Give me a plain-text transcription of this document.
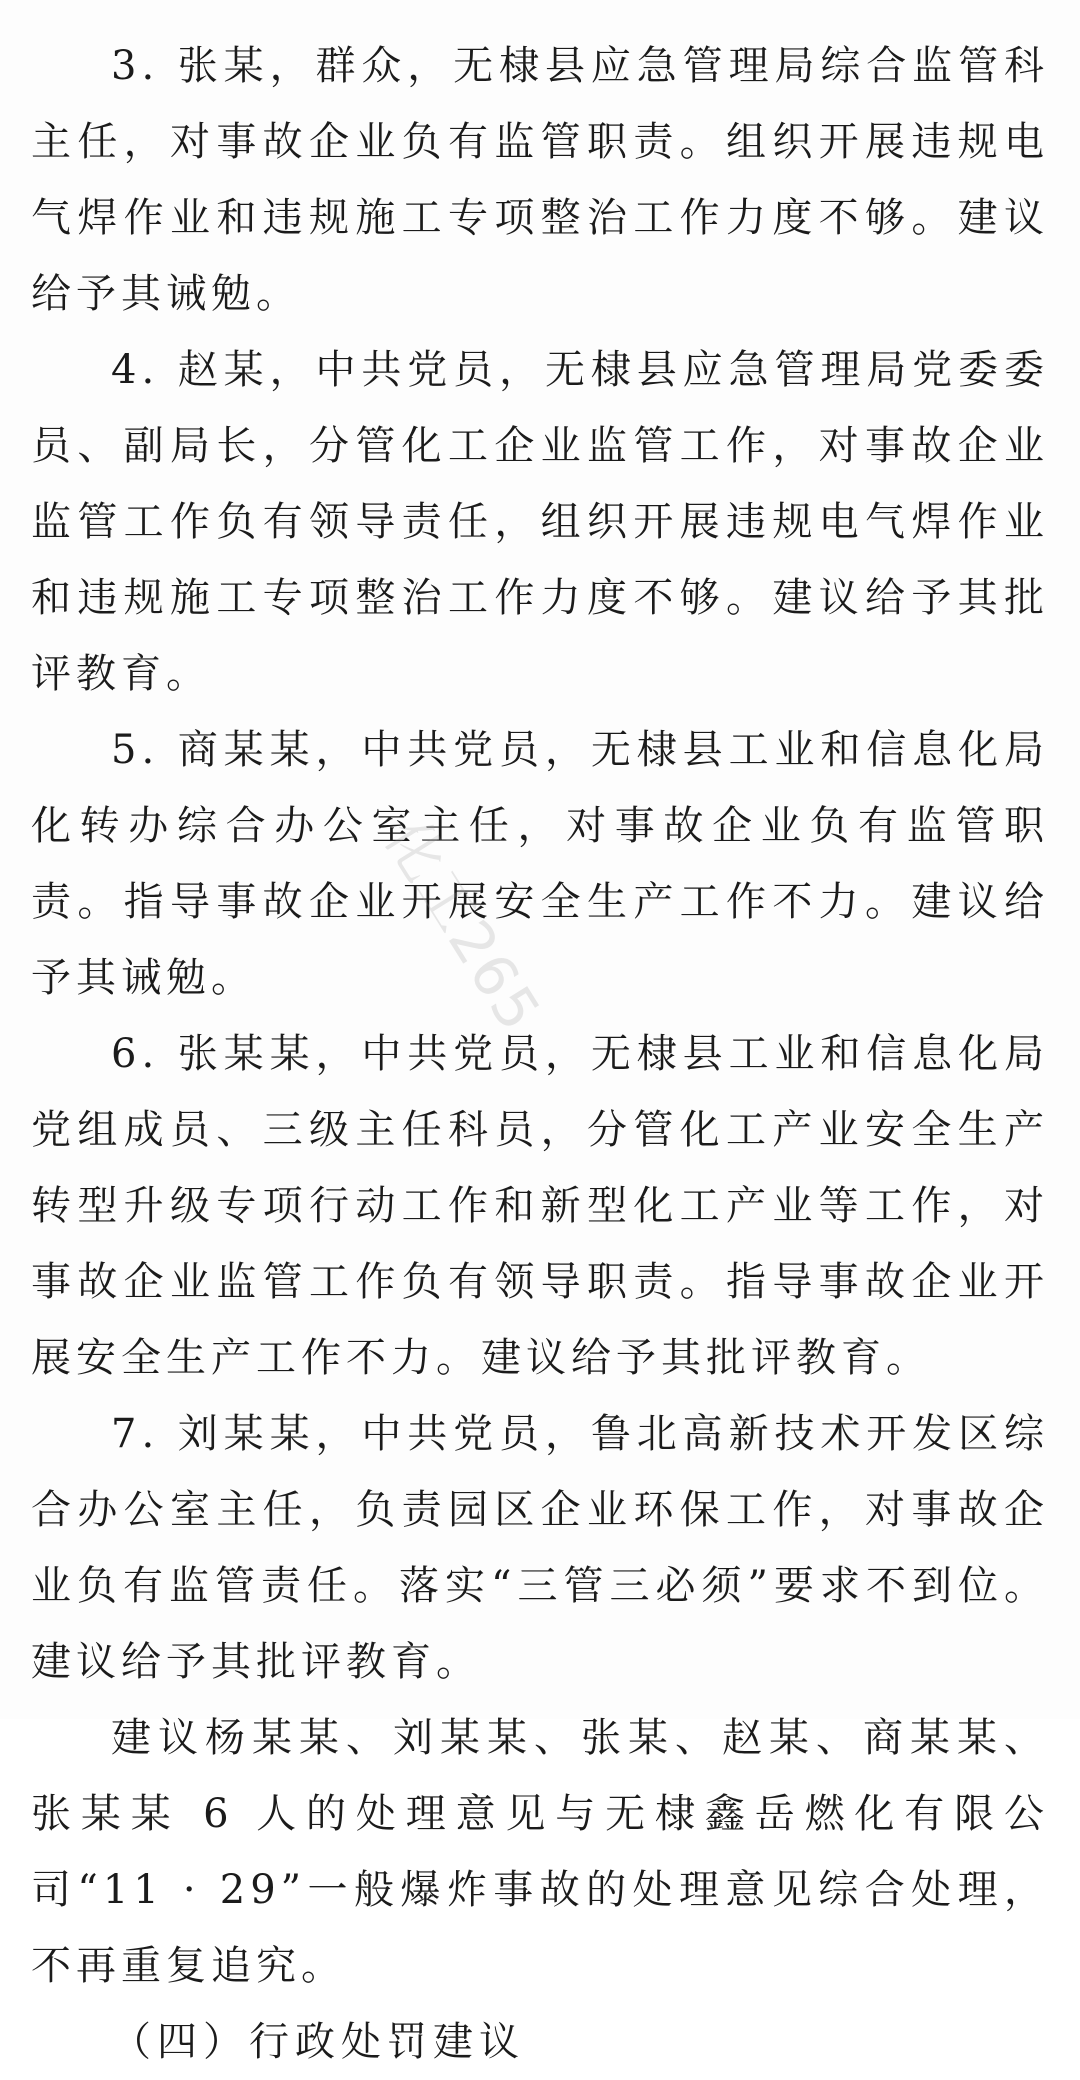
3. 张某，群众，无棣县应急管理局综合监管科主任，对事故企业负有监管职责。组织开展违规电气焊作业和违规施工专项整治工作力度不够。建议给予其诫勉。

4. 赵某，中共党员，无棣县应急管理局党委委员、副局长，分管化工企业监管工作，对事故企业监管工作负有领导责任，组织开展违规电气焊作业和违规施工专项整治工作力度不够。建议给予其批评教育。

5. 商某某，中共党员，无棣县工业和信息化局化转办综合办公室主任，对事故企业负有监管职责。指导事故企业开展安全生产工作不力。建议给予其诫勉。

6. 张某某，中共党员，无棣县工业和信息化局党组成员、三级主任科员，分管化工产业安全生产转型升级专项行动工作和新型化工产业等工作，对事故企业监管工作负有领导职责。指导事故企业开展安全生产工作不力。建议给予其批评教育。

7. 刘某某，中共党员，鲁北高新技术开发区综合办公室主任，负责园区企业环保工作，对事故企业负有监管责任。落实“三管三必须”要求不到位。建议给予其批评教育。

建议杨某某、刘某某、张某、赵某、商某某、张某某 6 人的处理意见与无棣鑫岳燃化有限公司“11 · 29”一般爆炸事故的处理意见综合处理，不再重复追究。

（四）行政处罚建议

化工265
